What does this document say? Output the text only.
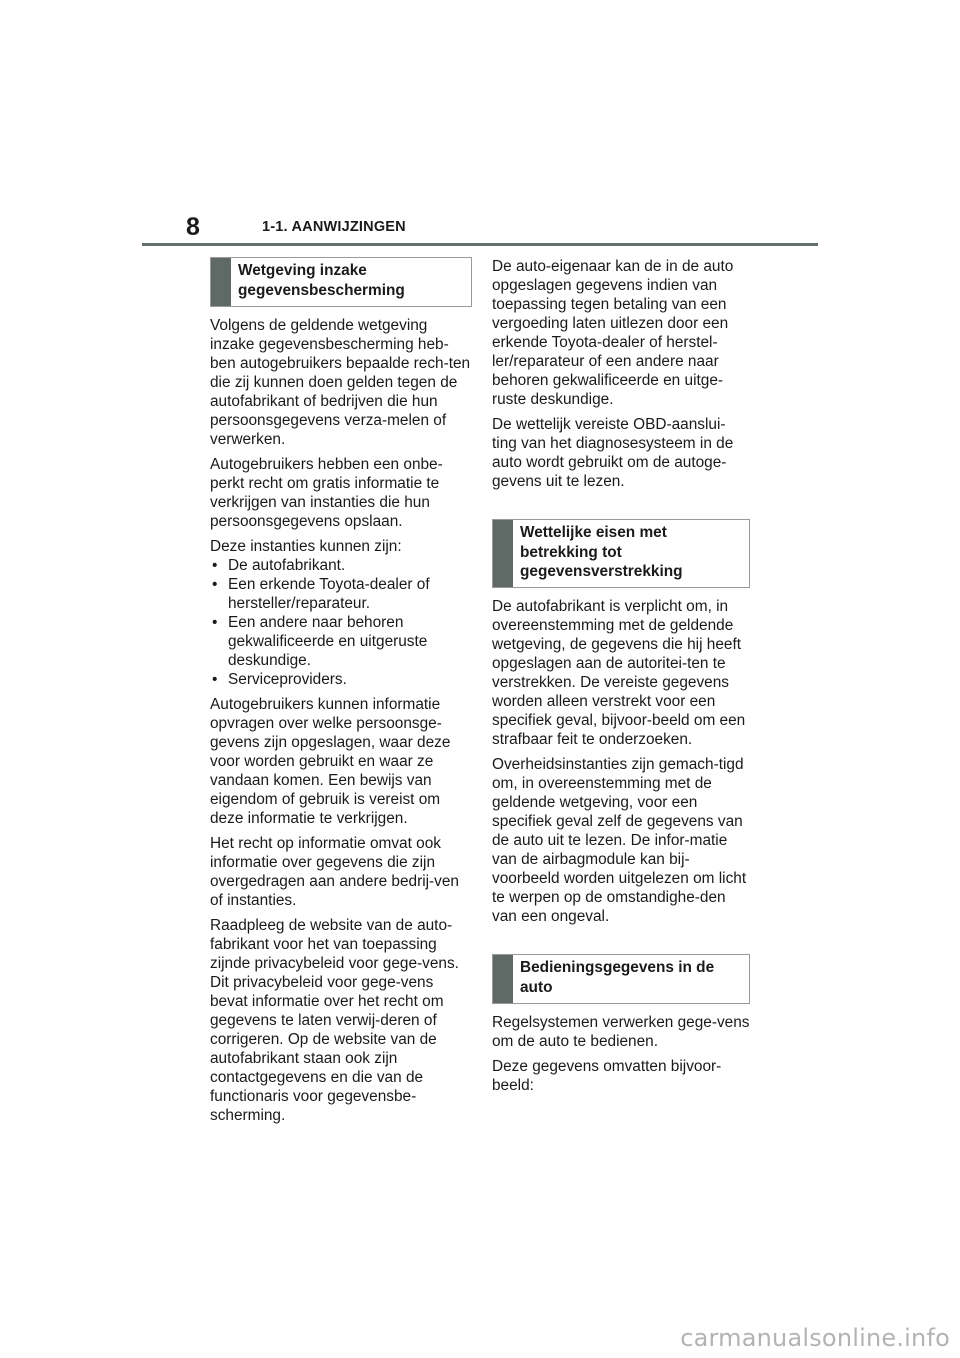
8	1-1. AANWIJZINGEN
Wetgeving inzake gegevensbescherming

Volgens de geldende wetgeving inzake gegevensbescherming heb-ben autogebruikers bepaalde rech-ten die zij kunnen doen gelden tegen de autofabrikant of bedrijven die hun persoonsgegevens verza-melen of verwerken.

Autogebruikers hebben een onbe-perkt recht om gratis informatie te verkrijgen van instanties die hun persoonsgegevens opslaan.

Deze instanties kunnen zijn:

• De autofabrikant.
• Een erkende Toyota-dealer of hersteller/reparateur.
• Een andere naar behoren gekwalificeerde en uitgeruste deskundige.
• Serviceproviders.

Autogebruikers kunnen informatie opvragen over welke persoonsge-gevens zijn opgeslagen, waar deze voor worden gebruikt en waar ze vandaan komen. Een bewijs van eigendom of gebruik is vereist om deze informatie te verkrijgen.

Het recht op informatie omvat ook informatie over gegevens die zijn overgedragen aan andere bedrij-ven of instanties.

Raadpleeg de website van de auto-fabrikant voor het van toepassing zijnde privacybeleid voor gege-vens. Dit privacybeleid voor gege-vens bevat informatie over het recht om gegevens te laten verwij-deren of corrigeren. Op de website van de autofabrikant staan ook zijn contactgegevens en die van de functionaris voor gegevensbe-scherming.

De auto-eigenaar kan de in de auto opgeslagen gegevens indien van toepassing tegen betaling van een vergoeding laten uitlezen door een erkende Toyota-dealer of herstel-ler/reparateur of een andere naar behoren gekwalificeerde en uitge-ruste deskundige.

De wettelijk vereiste OBD-aanslui-ting van het diagnosesysteem in de auto wordt gebruikt om de autoge-gevens uit te lezen.

Wettelijke eisen met betrekking tot gegevensverstrekking

De autofabrikant is verplicht om, in overeenstemming met de geldende wetgeving, de gegevens die hij heeft opgeslagen aan de autoritei-ten te verstrekken. De vereiste gegevens worden alleen verstrekt voor een specifiek geval, bijvoor-beeld om een strafbaar feit te onderzoeken.

Overheidsinstanties zijn gemach-tigd om, in overeenstemming met de geldende wetgeving, voor een specifiek geval zelf de gegevens van de auto uit te lezen. De infor-matie van de airbagmodule kan bij-voorbeeld worden uitgelezen om licht te werpen op de omstandighe-den van een ongeval.

Bedieningsgegevens in de auto

Regelsystemen verwerken gege-vens om de auto te bedienen.

Deze gegevens omvatten bijvoor-beeld:

carmanualsonline.info
